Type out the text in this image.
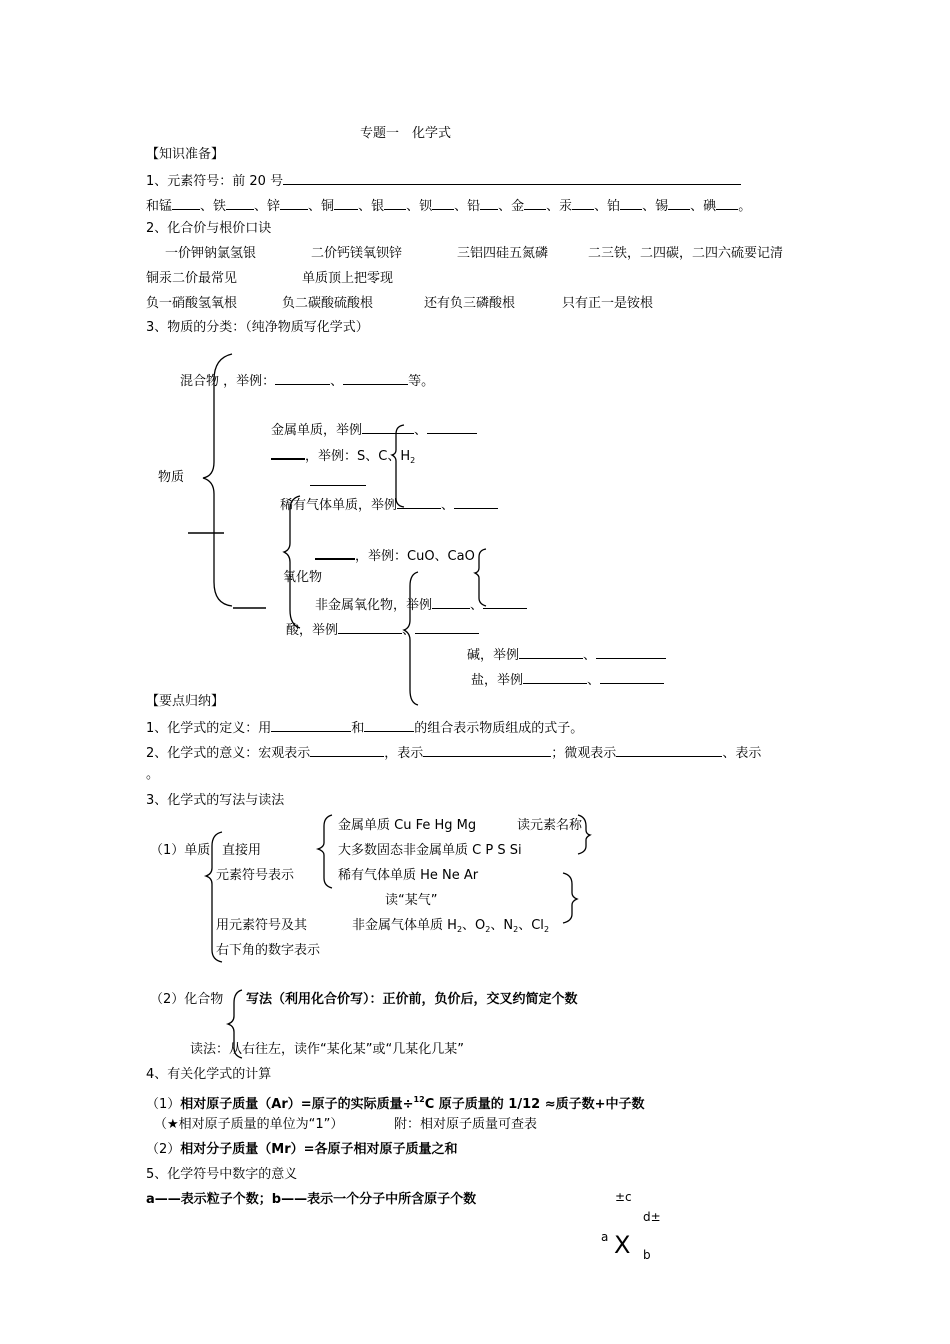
专题一　化学式
【知识准备】
1、元素符号：前 20 号
和锰 、铁 、锌 、铜 、银 、钡 、铅 、金 、汞 、铂 、锡 、碘 。
2、化合价与根价口诀
一价钾钠氯氢银	二价钙镁氧钡锌	三铝四硅五氮磷	二三铁，二四碳，二四六硫要记清
铜汞二价最常见	单质顶上把零现
负一硝酸氢氧根	负二碳酸硫酸根	还有负三磷酸根	只有正一是铵根
3、物质的分类：（纯净物质写化学式）
混合物 ，举例：	、	等。
金属单质，举例	、
，举例：S、C、$H_2$
物质
稀有气体单质，举例	、
，举例：CuO、CaO
氧化物
非金属氧化物，举例	、
酸，举例	、
碱，举例	、
盐，举例	、
【要点归纳】
1、化学式的定义：用	和	的组合表示物质组成的式子。
2、化学式的意义：宏观表示	，表示	；微观表示	、表示
。
3、化学式的写法与读法
金属单质 Cu Fe Hg Mg	读元素名称
（1）单质 直接用	大多数固态非金属单质 C P S Si
元素符号表示	稀有气体单质 He Ne Ar
读“某气”
用元素符号及其	非金属气体单质 $H_2$、$O_2$、$N_2$、$Cl_2$
右下角的数字表示
（2）化合物 写法（利用化合价写）：正价前，负价后，交叉约简定个数
读法：从右往左，读作“某化某”或“几某化几某”
4、有关化学式的计算
（1）相对原子质量（Ar）=原子的实际质量÷$^{12}$C 原子质量的 1/12 ≈质子数+中子数
（★相对原子质量的单位为“1”）	附：相对原子质量可查表
（2）相对分子质量（Mr）=各原子相对原子质量之和
5、化学符号中数字的意义
a——表示粒子个数；b——表示一个分子中所含原子个数	±c
d±
a X b
